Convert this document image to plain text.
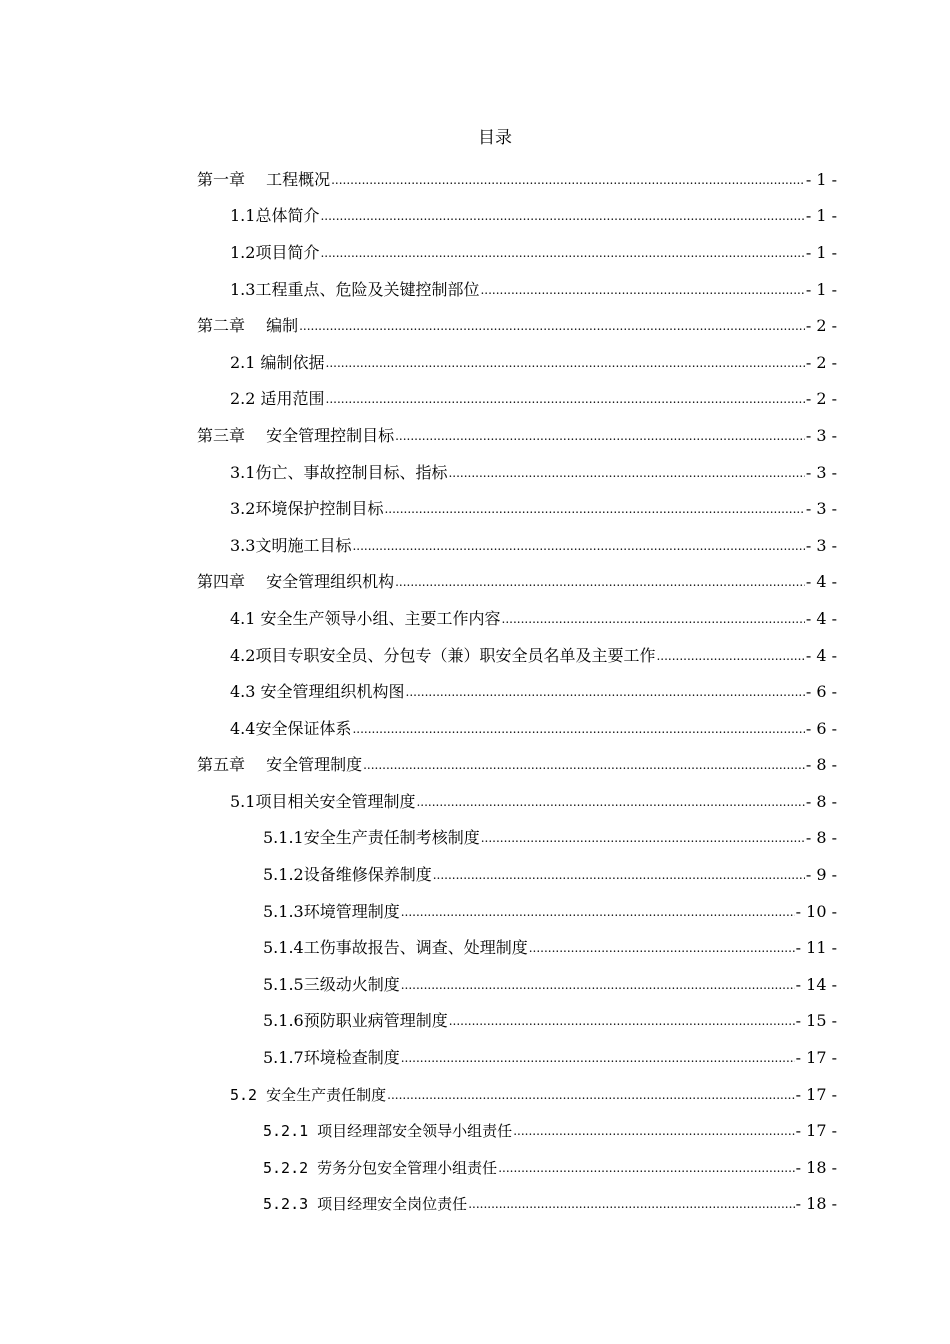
目录
第一章　 工程概况 .....	- 1 -
1.1总体简介 .....	- 1 -
1.2项目简介 .....	- 1 -
1.3工程重点、危险及关键控制部位 .....	- 1 -
第二章　 编制 .....	- 2 -
2.1 编制依据 .....	- 2 -
2.2 适用范围 .....	- 2 -
第三章　 安全管理控制目标 .....	- 3 -
3.1伤亡、事故控制目标、指标 .....	- 3 -
3.2环境保护控制目标 .....	- 3 -
3.3文明施工目标 .....	- 3 -
第四章　 安全管理组织机构 .....	- 4 -
4.1 安全生产领导小组、主要工作内容 .....	- 4 -
4.2项目专职安全员、分包专（兼）职安全员名单及主要工作 .....	- 4 -
4.3 安全管理组织机构图 .....	- 6 -
4.4安全保证体系 .....	- 6 -
第五章　 安全管理制度 .....	- 8 -
5.1项目相关安全管理制度 .....	- 8 -
5.1.1安全生产责任制考核制度 .....	- 8 -
5.1.2设备维修保养制度 .....	- 9 -
5.1.3环境管理制度 .....	- 10 -
5.1.4工伤事故报告、调查、处理制度 .....	- 11 -
5.1.5三级动火制度 .....	- 14 -
5.1.6预防职业病管理制度 .....	- 15 -
5.1.7环境检查制度 .....	- 17 -
5.2 安全生产责任制度 .....	- 17 -
5.2.1 项目经理部安全领导小组责任 .....	- 17 -
5.2.2 劳务分包安全管理小组责任 .....	- 18 -
5.2.3 项目经理安全岗位责任 .....	- 18 -
